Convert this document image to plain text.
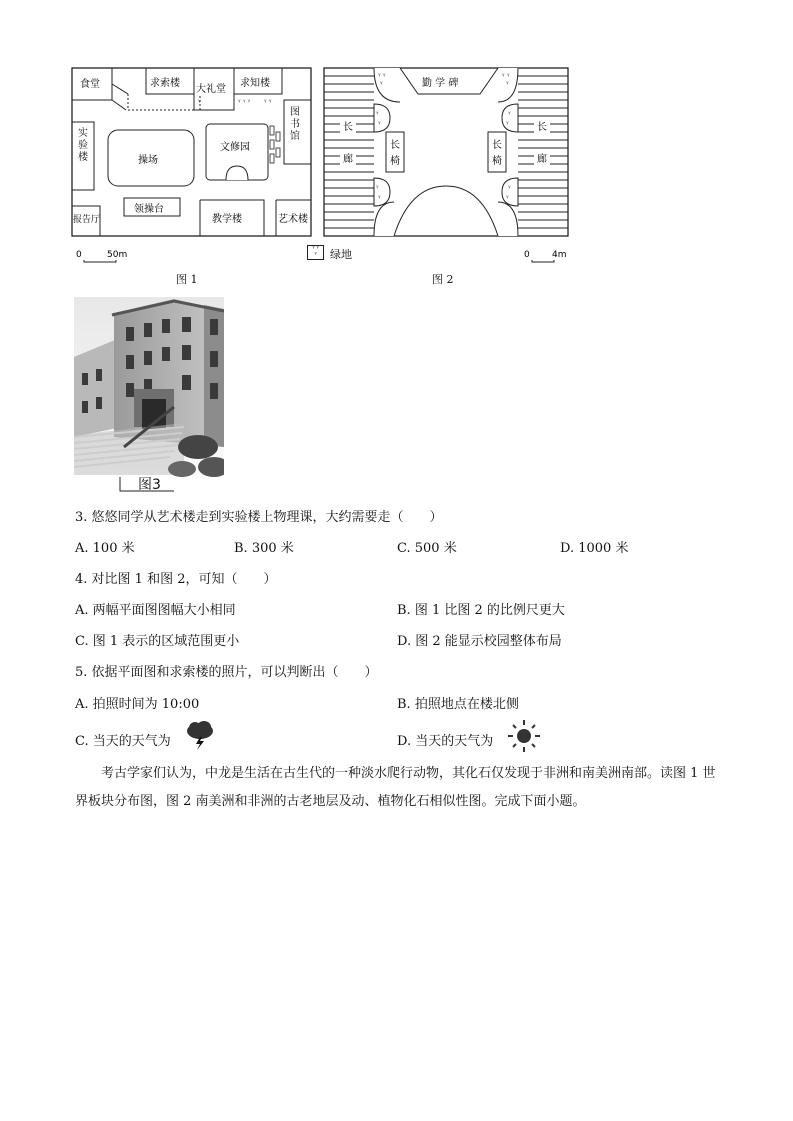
ᵞ ᵞ ᵞ ᵞ ᵞ
ᵞ
食堂	求索楼
大礼堂
求知楼
操场
文修园
领操台
教学楼	艺术楼
报告厅
0	50m
实验楼
图书馆
图 1
ᵞ ᵞ
ᵞ	绿地
ᵞ
ᵞ
ᵞ
ᵞ
ᵞ
ᵞ
ᵞ
ᵞ
ᵞ ᵞ	ᵞ ᵞ
ᵞ	ᵞ
勤 学 碑
长
廊
长
廊
长
椅
长
椅
0 4m
图 2
图3
3. 悠悠同学从艺术楼走到实验楼上物理课，大约需要走（　　）
A. 100 米	B. 300 米	C. 500 米	D. 1000 米
4. 对比图 1 和图 2，可知（　　）
A. 两幅平面图图幅大小相同	B. 图 1 比图 2 的比例尺更大
C. 图 1 表示的区域范围更小	D. 图 2 能显示校园整体布局
5. 依据平面图和求索楼的照片，可以判断出（　　）
A. 拍照时间为 10:00	B. 拍照地点在楼北侧
C. 当天的天气为	D. 当天的天气为
考古学家们认为，中龙是生活在古生代的一种淡水爬行动物，其化石仅发现于非洲和南美洲南部。读图 1 世界板块分布图，图 2 南美洲和非洲的古老地层及动、植物化石相似性图。完成下面小题。
